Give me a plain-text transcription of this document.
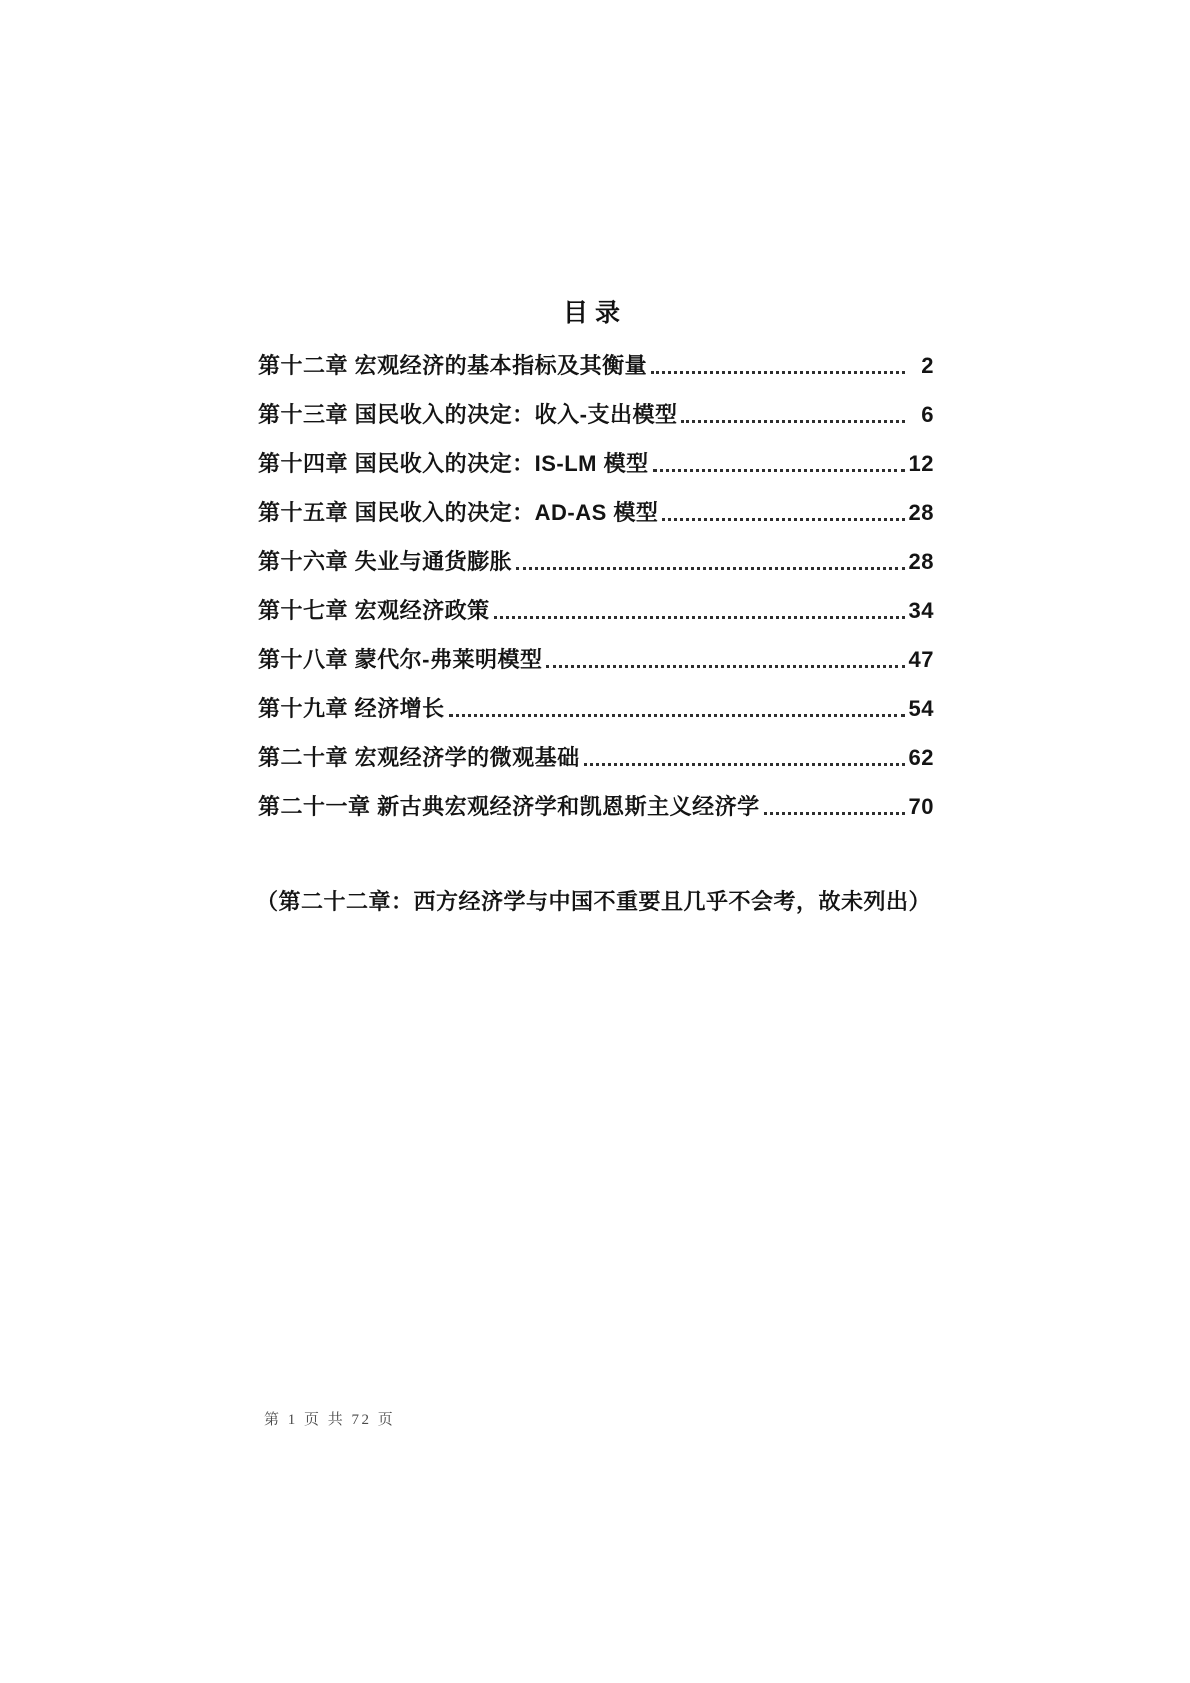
目录
第十二章 宏观经济的基本指标及其衡量	2
第十三章 国民收入的决定：收入-支出模型	6
第十四章 国民收入的决定：IS-LM 模型	12
第十五章 国民收入的决定：AD-AS 模型	28
第十六章 失业与通货膨胀	28
第十七章 宏观经济政策	34
第十八章 蒙代尔-弗莱明模型	47
第十九章 经济增长	54
第二十章 宏观经济学的微观基础	62
第二十一章 新古典宏观经济学和凯恩斯主义经济学	70

（第二十二章：西方经济学与中国不重要且几乎不会考，故未列出）

第 1 页 共 72 页
